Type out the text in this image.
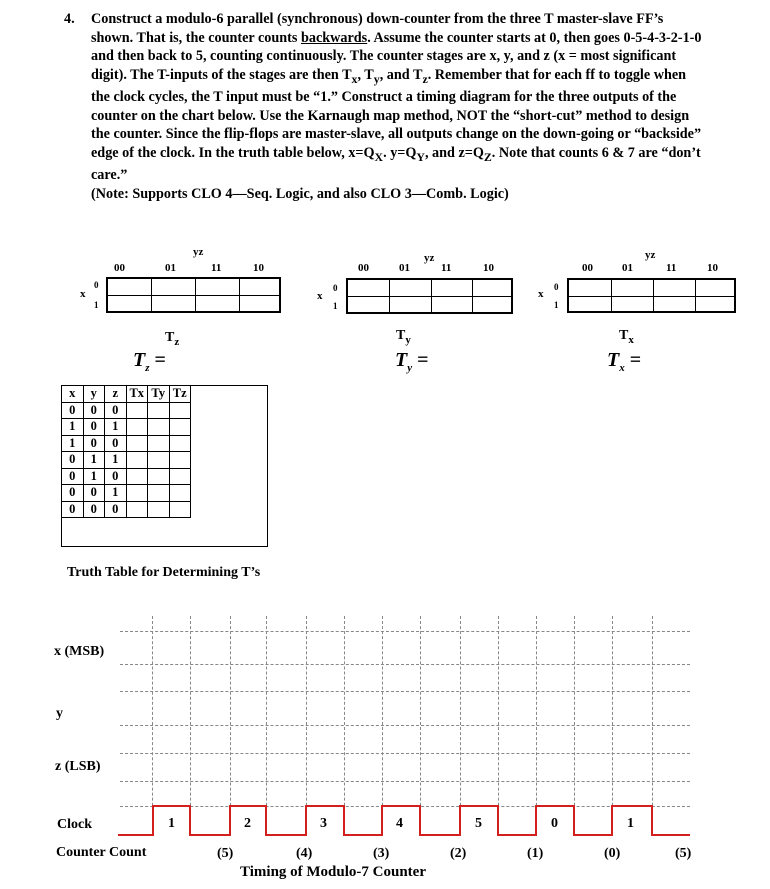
4. Construct a modulo-6 parallel (synchronous) down-counter from the three T master-slave FF’s shown. That is, the counter counts backwards. Assume the counter starts at 0, then goes 0-5-4-3-2-1-0 and then back to 5, counting continuously. The counter stages are x, y, and z (x = most significant digit). The T-inputs of the stages are then $T_x$, $T_y$, and $T_z$. Remember that for each ff to toggle when the clock cycles, the T input must be “1.” Construct a timing diagram for the three outputs of the counter on the chart below. Use the Karnaugh map method, NOT the “short-cut” method to design the counter. Since the flip-flops are master-slave, all outputs change on the down-going or “backside” edge of the clock. In the truth table below, $x=Q_X$. $y=Q_Y$, and $z=Q_Z$. Note that counts 6 & 7 are “don’t care.”

(Note: Supports CLO 4—Seq. Logic, and also CLO 3—Comb. Logic)

yz
00	01	11	10
x
0
1
$T_z$
$T_z$ =
yz
00	01	11	10
x
0
1
$T_y$
$T_y$ =
yz
00	01	11	10
x
0
1
$T_x$
$T_x$ =
x	y	z	Tx	Ty	Tz
0	0	0			
1	0	1			
1	0	0			
0	1	1			
0	1	0			
0	0	1			
0	0	0			
Truth Table for Determining T’s
x (MSB)
y
z (LSB)
Clock
Counter Count
1	2	3	4	5	0	1
(5)	(4)	(3)	(2)	(1)	(0)	(5)
Timing of Modulo-7 Counter
